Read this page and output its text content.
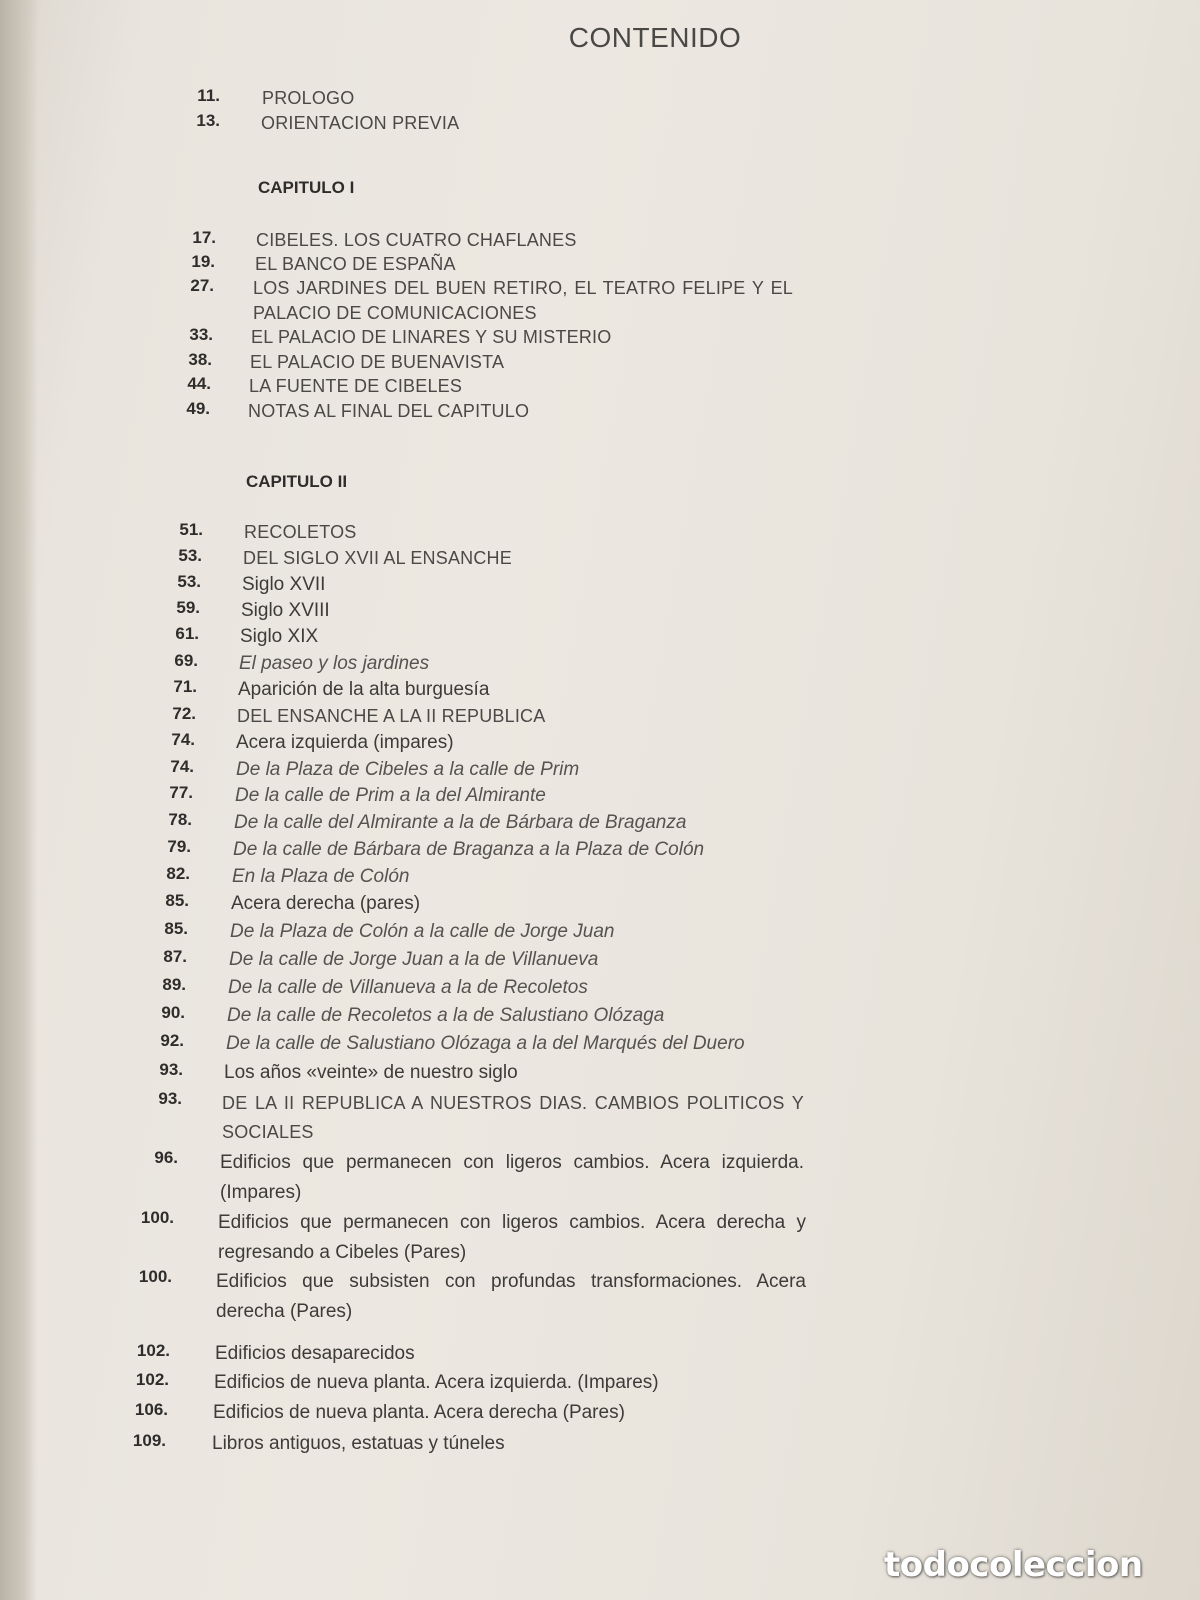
CONTENIDO
11. PROLOGO
13. ORIENTACION PREVIA
CAPITULO I
17. CIBELES. LOS CUATRO CHAFLANES
19. EL BANCO DE ESPAÑA
27. LOS JARDINES DEL BUEN RETIRO, EL TEATRO FELIPE Y EL PALACIO DE COMUNICACIONES
33. EL PALACIO DE LINARES Y SU MISTERIO
38. EL PALACIO DE BUENAVISTA
44. LA FUENTE DE CIBELES
49. NOTAS AL FINAL DEL CAPITULO
CAPITULO II
51. RECOLETOS
53. DEL SIGLO XVII AL ENSANCHE
53. Siglo XVII
59. Siglo XVIII
61. Siglo XIX
69. El paseo y los jardines
71. Aparición de la alta burguesía
72. DEL ENSANCHE A LA II REPUBLICA
74. Acera izquierda (impares)
74. De la Plaza de Cibeles a la calle de Prim
77. De la calle de Prim a la del Almirante
78. De la calle del Almirante a la de Bárbara de Braganza
79. De la calle de Bárbara de Braganza a la Plaza de Colón
82. En la Plaza de Colón
85. Acera derecha (pares)
85. De la Plaza de Colón a la calle de Jorge Juan
87. De la calle de Jorge Juan a la de Villanueva
89. De la calle de Villanueva a la de Recoletos
90. De la calle de Recoletos a la de Salustiano Olózaga
92. De la calle de Salustiano Olózaga a la del Marqués del Duero
93. Los años «veinte» de nuestro siglo
93. DE LA II REPUBLICA A NUESTROS DIAS. CAMBIOS POLITICOS Y SOCIALES
96. Edificios que permanecen con ligeros cambios. Acera izquierda. (Impares)
100. Edificios que permanecen con ligeros cambios. Acera derecha y regresando a Cibeles (Pares)
100. Edificios que subsisten con profundas transformaciones. Acera derecha (Pares)
102. Edificios desaparecidos
102. Edificios de nueva planta. Acera izquierda. (Impares)
106. Edificios de nueva planta. Acera derecha (Pares)
109. Libros antiguos, estatuas y túneles
todocoleccion
